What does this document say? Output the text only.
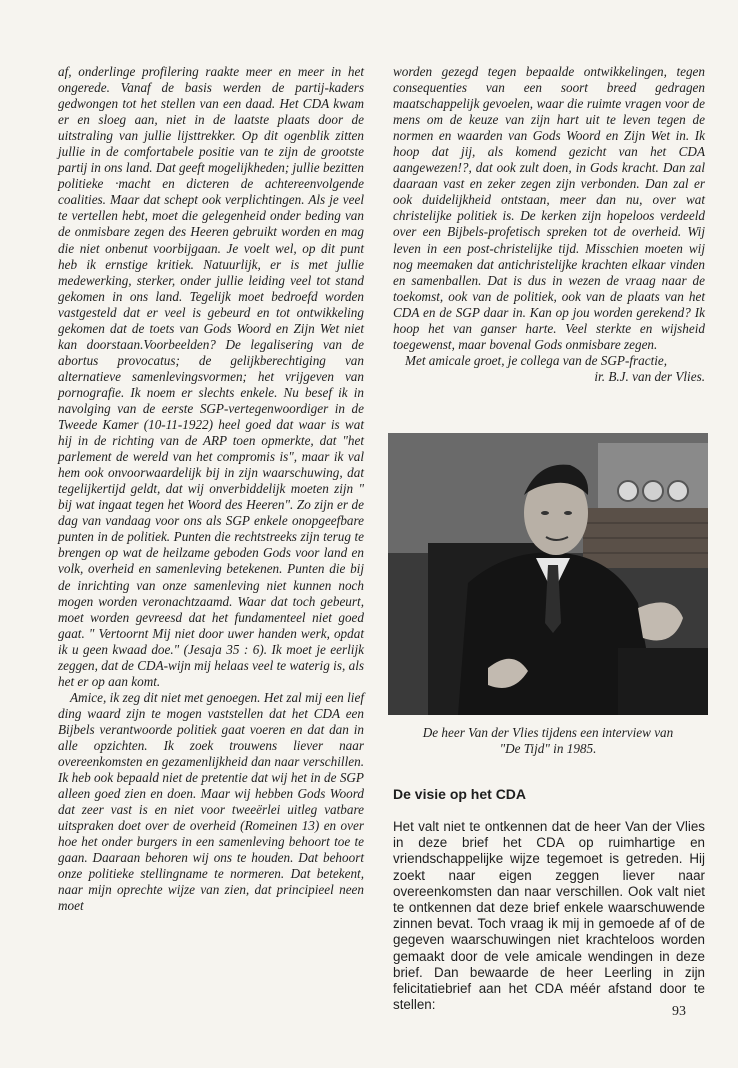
af, onderlinge profilering raakte meer en meer in het ongerede. Vanaf de basis werden de partij-kaders gedwongen tot het stellen van een daad. Het CDA kwam er en sloeg aan, niet in de laatste plaats door de uitstraling van jullie lijsttrekker. Op dit ogenblik zitten jullie in de comfortabele positie van te zijn de grootste partij in ons land. Dat geeft mogelijkheden; jullie bezitten politieke ·macht en dicteren de achtereenvolgende coalities. Maar dat schept ook verplichtingen. Als je veel te vertellen hebt, moet die gelegenheid onder beding van de onmisbare zegen des Heeren gebruikt worden en mag die niet onbenut voorbijgaan. Je voelt wel, op dit punt heb ik ernstige kritiek. Natuurlijk, er is met jullie medewerking, sterker, onder jullie leiding veel tot stand gekomen in ons land. Tegelijk moet bedroefd worden vastgesteld dat er veel is gebeurd en tot ontwikkeling gekomen dat de toets van Gods Woord en Zijn Wet niet kan doorstaan.Voorbeelden? De legalisering van de abortus provocatus; de gelijkberechtiging van alternatieve samenlevingsvormen; het vrijgeven van pornografie. Ik noem er slechts enkele. Nu besef ik in navolging van de eerste SGP-vertegenwoordiger in de Tweede Kamer (10-11-1922) heel goed dat waar is wat hij in de richting van de ARP toen opmerkte, dat "het parlement de wereld van het compromis is", maar ik val hem ook onvoorwaardelijk bij in zijn waarschuwing, dat tegelijkertijd geldt, dat wij onverbiddelijk moeten zijn " bij wat ingaat tegen het Woord des Heeren". Zo zijn er de dag van vandaag voor ons als SGP enkele onopgeefbare punten in de politiek. Punten die rechtstreeks zijn terug te brengen op wat de heilzame geboden Gods voor land en volk, overheid en samenleving betekenen. Punten die bij de inrichting van onze samenleving niet kunnen noch mogen worden veronachtzaamd. Waar dat toch gebeurt, moet worden gevreesd dat het fundamenteel niet goed gaat. " Vertoornt Mij niet door uwer handen werk, opdat ik u geen kwaad doe." (Jesaja 35 : 6). Ik moet je eerlijk zeggen, dat de CDA-wijn mij helaas veel te waterig is, als het er op aan komt.

Amice, ik zeg dit niet met genoegen. Het zal mij een lief ding waard zijn te mogen vaststellen dat het CDA een Bijbels verantwoorde politiek gaat voeren en dat dan in alle opzichten. Ik zoek trouwens liever naar overeenkomsten en gezamenlijkheid dan naar verschillen. Ik heb ook bepaald niet de pretentie dat wij het in de SGP alleen goed zien en doen. Maar wij hebben Gods Woord dat zeer vast is en niet voor tweeërlei uitleg vatbare uitspraken doet over de overheid (Romeinen 13) en over hoe het onder burgers in een samenleving behoort toe te gaan. Daaraan behoren wij ons te houden. Dat behoort onze politieke stellingname te normeren. Dat betekent, naar mijn oprechte wijze van zien, dat principieel neen moet

worden gezegd tegen bepaalde ontwikkelingen, tegen consequenties van een soort breed gedragen maatschappelijk gevoelen, waar die ruimte vragen voor de mens om de keuze van zijn hart uit te leven tegen de normen en waarden van Gods Woord en Zijn Wet in. Ik hoop dat jij, als komend gezicht van het CDA aangewezen!?, dat ook zult doen, in Gods kracht. Dan zal daaraan vast en zeker zegen zijn verbonden. Dan zal er ook duidelijkheid ontstaan, meer dan nu, over wat christelijke politiek is. De kerken zijn hopeloos verdeeld over een Bijbels-profetisch spreken tot de overheid. Wij leven in een post-christelijke tijd. Misschien moeten wij nog meemaken dat antichristelijke krachten elkaar vinden en samenballen. Dat is dus in wezen de vraag naar de toekomst, ook van de politiek, ook van de plaats van het CDA en de SGP daar in. Kan op jou worden gerekend? Ik hoop het van ganser harte. Veel sterkte en wijsheid toegewenst, maar bovenal Gods onmisbare zegen.

Met amicale groet, je collega van de SGP-fractie,

ir. B.J. van der Vlies.

De heer Van der Vlies tijdens een interview van
"De Tijd" in 1985.

De visie op het CDA

Het valt niet te ontkennen dat de heer Van der Vlies in deze brief het CDA op ruimhartige en vriendschappelijke wijze tegemoet is getreden. Hij zoekt naar eigen zeggen liever naar overeenkomsten dan naar verschillen. Ook valt niet te ontkennen dat deze brief enkele waarschuwende zinnen bevat. Toch vraag ik mij in gemoede af of de gegeven waarschuwingen niet krachteloos worden gemaakt door de vele amicale wendingen in deze brief. Dan bewaarde de heer Leerling in zijn felicitatiebrief aan het CDA méér afstand door te stellen:	93
